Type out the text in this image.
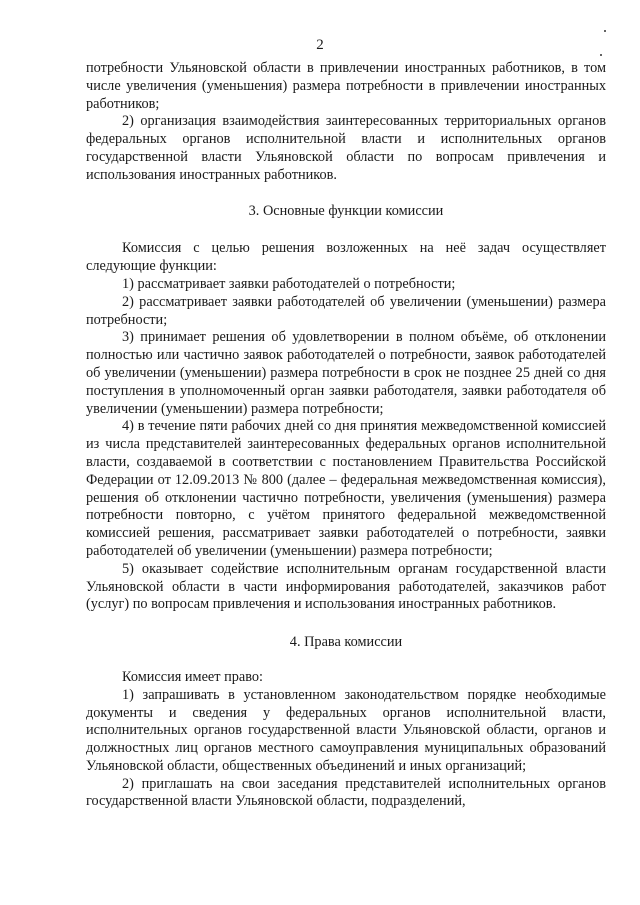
2

потребности Ульяновской области в привлечении иностранных работников, в том числе увеличения (уменьшения) размера потребности в привлечении иностранных работников;

2) организация взаимодействия заинтересованных территориальных органов федеральных органов исполнительной власти и исполнительных органов государственной власти Ульяновской области по вопросам привлечения и использования иностранных работников.

3. Основные функции комиссии

Комиссия с целью решения возложенных на неё задач осуществляет следующие функции:

1) рассматривает заявки работодателей о потребности;

2) рассматривает заявки работодателей об увеличении (уменьшении) размера потребности;

3) принимает решения об удовлетворении в полном объёме, об отклонении полностью или частично заявок работодателей о потребности, заявок работодателей об увеличении (уменьшении) размера потребности в срок не позднее 25 дней со дня поступления в уполномоченный орган заявки работодателя, заявки работодателя об увеличении (уменьшении) размера потребности;

4) в течение пяти рабочих дней со дня принятия межведомственной комиссией из числа представителей заинтересованных федеральных органов исполнительной власти, создаваемой в соответствии с постановлением Правительства Российской Федерации от 12.09.2013 № 800 (далее – федеральная межведомственная комиссия), решения об отклонении частично потребности, увеличения (уменьшения) размера потребности повторно, с учётом принятого федеральной межведомственной комиссией решения, рассматривает заявки работодателей о потребности, заявки работодателей об увеличении (уменьшении) размера потребности;

5) оказывает содействие исполнительным органам государственной власти Ульяновской области в части информирования работодателей, заказчиков работ (услуг) по вопросам привлечения и использования иностранных работников.

4. Права комиссии

Комиссия имеет право:

1) запрашивать в установленном законодательством порядке необходимые документы и сведения у федеральных органов исполнительной власти, исполнительных органов государственной власти Ульяновской области, органов и должностных лиц органов местного самоуправления муниципальных образований Ульяновской области, общественных объединений и иных организаций;

2) приглашать на свои заседания представителей исполнительных органов государственной власти Ульяновской области, подразделений,
